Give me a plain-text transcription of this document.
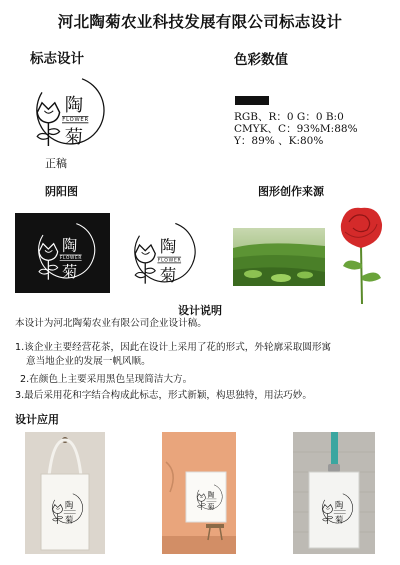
河北陶菊农业科技发展有限公司标志设计
标志设计
陶
FLOWER
菊
正稿
色彩数值
RGB、R：0 G：0 B:0
CMYK、C：93%M:88%
Y：89% 、K:80%
阴阳图
陶
FLOWER
菊
陶
FLOWER
菊
图形创作来源
设计说明
本设计为河北陶菊农业有限公司企业设计稿。
1.该企业主要经营花茶，因此在设计上采用了花的形式，外轮廓采取圆形寓
意当地企业的发展一帆风顺。
2.在颜色上主要采用黑色呈现简洁大方。
3.最后采用花和字结合构成此标志，形式新颖，构思独特，用法巧妙。
设计应用
陶
菊
陶
菊	陶
菊
